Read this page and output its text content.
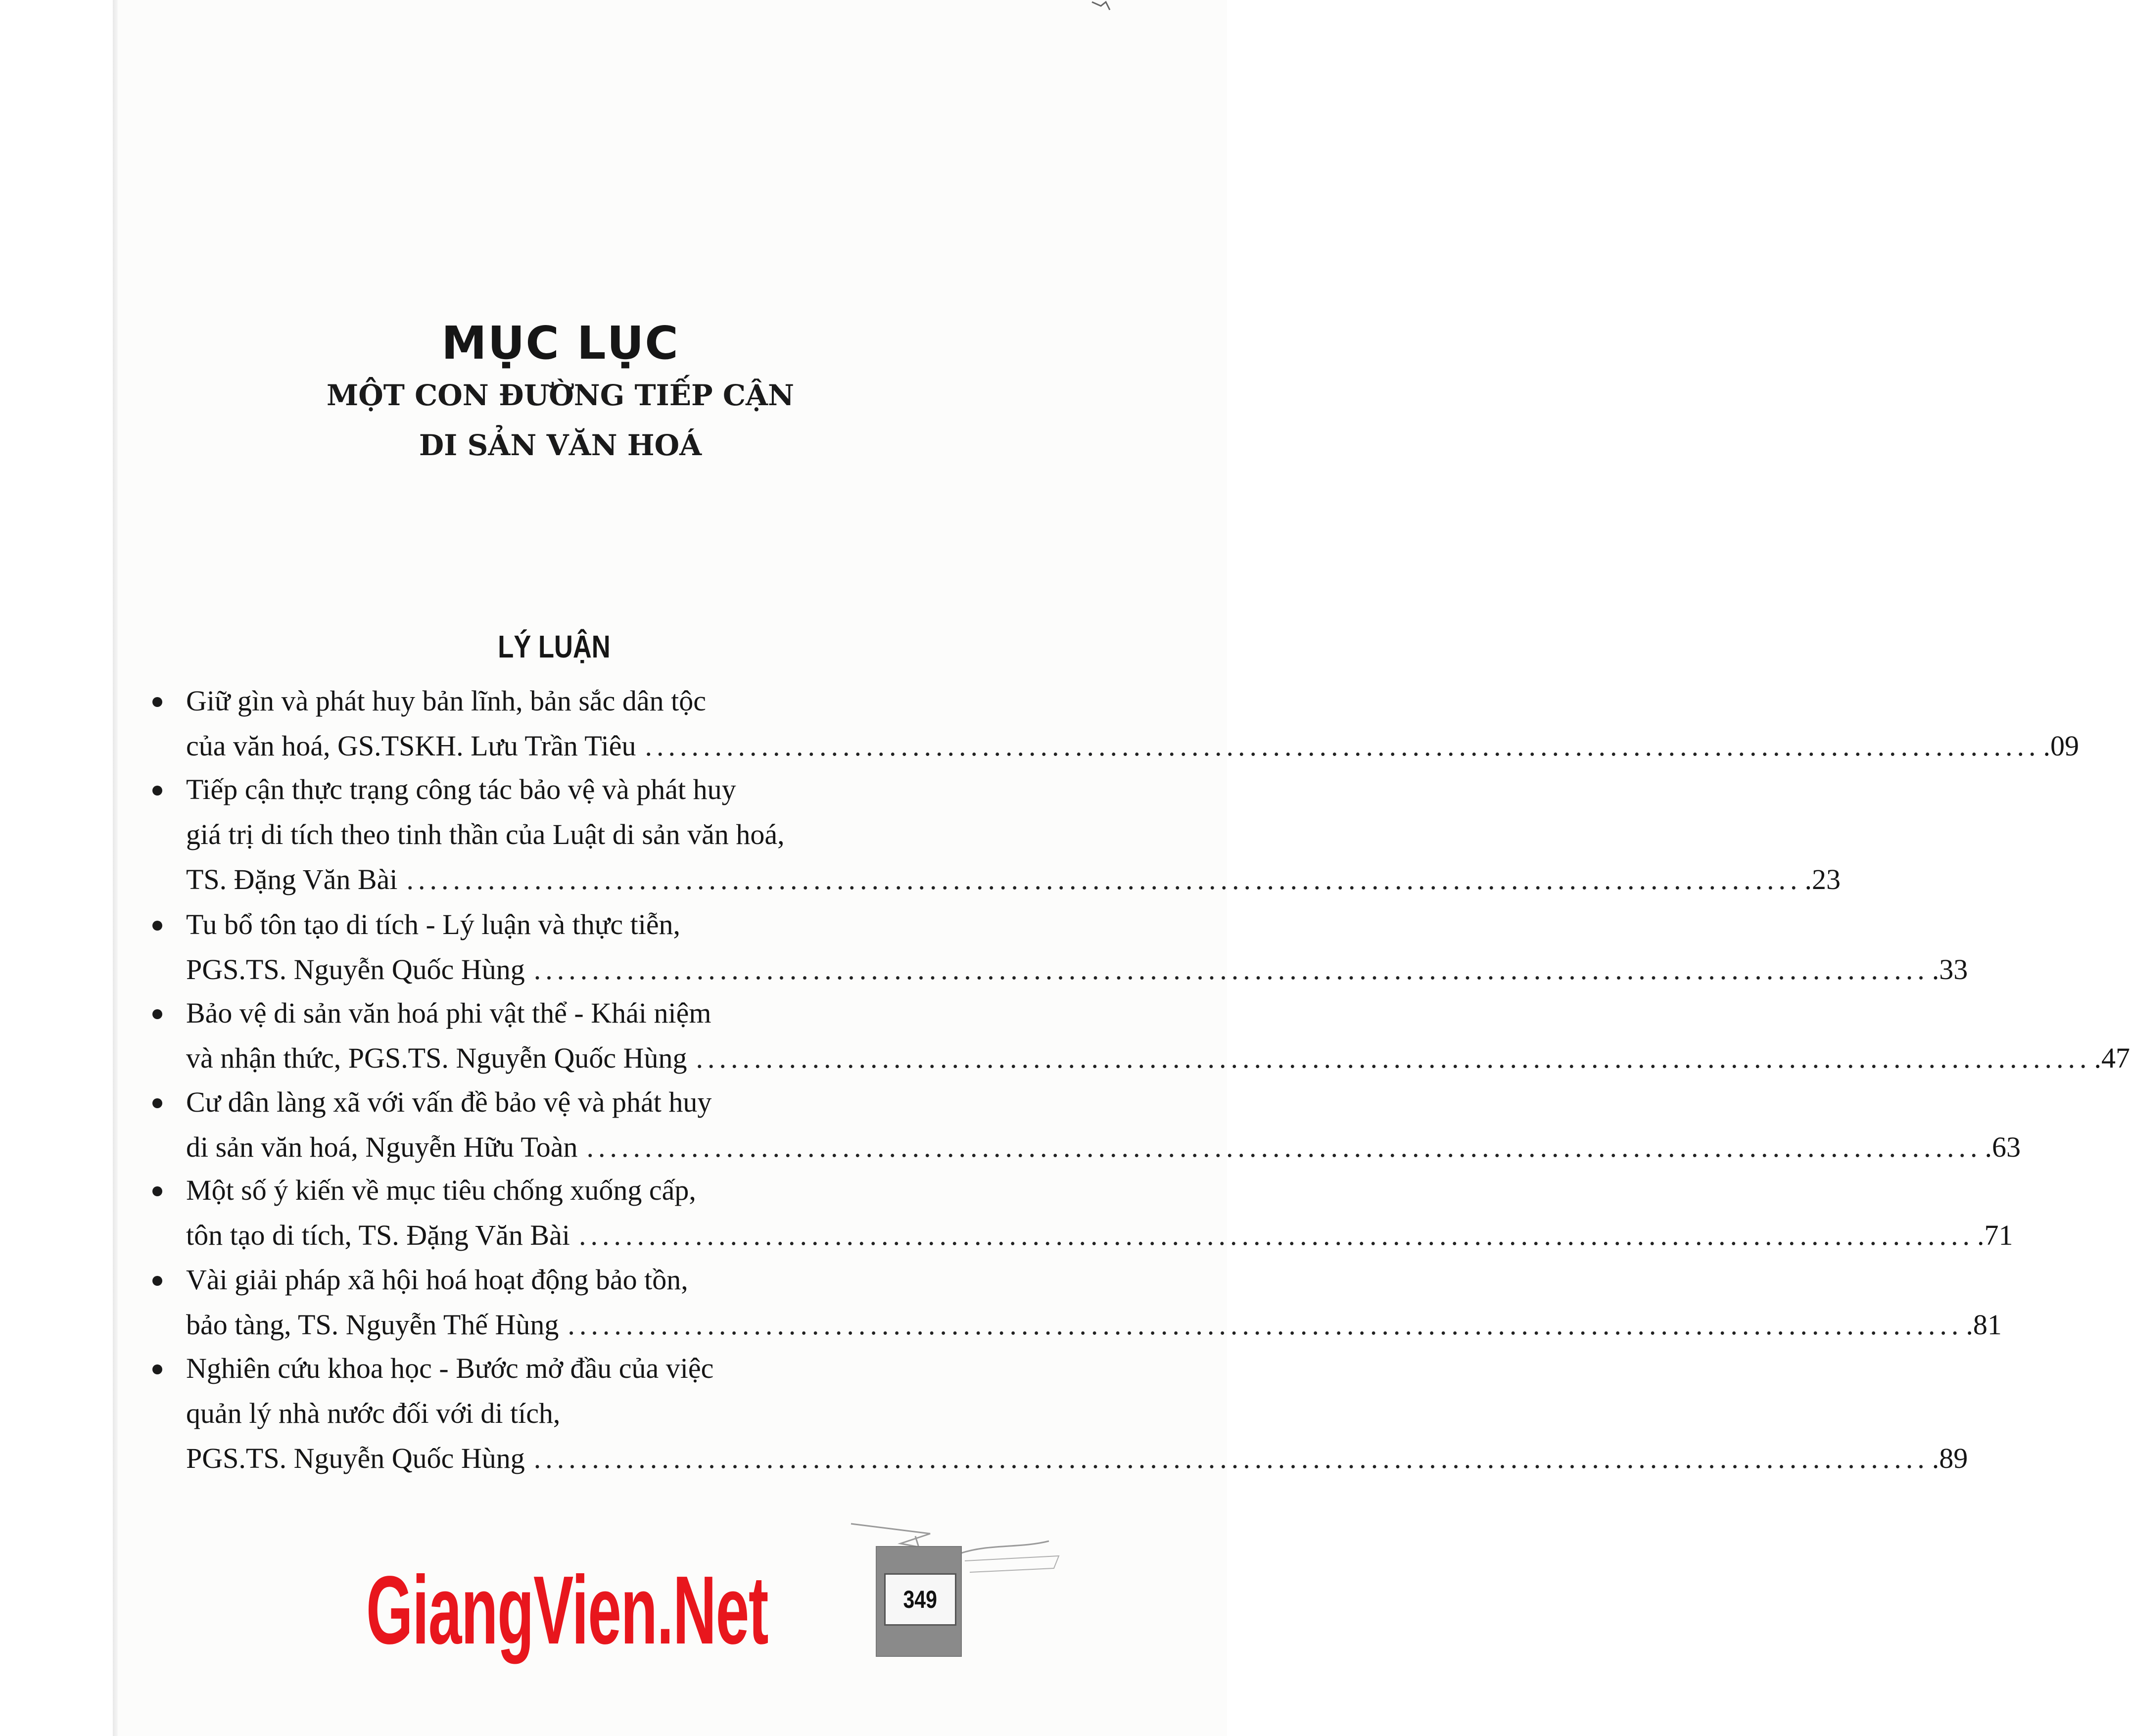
MỤC LỤC
MỘT CON ĐƯỜNG TIẾP CẬN
DI SẢN VĂN HOÁ
LÝ LUẬN
Giữ gìn và phát huy bản lĩnh, bản sắc dân tộc
của văn hoá, GS.TSKH. Lưu Trần Tiêu ........................................................................................................................ .09
Tiếp cận thực trạng công tác bảo vệ và phát huy
giá trị di tích theo tinh thần của Luật di sản văn hoá,
TS. Đặng Văn Bài ........................................................................................................................ .23
Tu bổ tôn tạo di tích - Lý luận và thực tiễn,
PGS.TS. Nguyễn Quốc Hùng ........................................................................................................................ .33
Bảo vệ di sản văn hoá phi vật thể - Khái niệm
và nhận thức, PGS.TS. Nguyễn Quốc Hùng ........................................................................................................................ .47
Cư dân làng xã với vấn đề bảo vệ và phát huy
di sản văn hoá, Nguyễn Hữu Toàn ........................................................................................................................ .63
Một số ý kiến về mục tiêu chống xuống cấp,
tôn tạo di tích, TS. Đặng Văn Bài ........................................................................................................................ .71
Vài giải pháp xã hội hoá hoạt động bảo tồn,
bảo tàng, TS. Nguyễn Thế Hùng ........................................................................................................................ .81
Nghiên cứu khoa học - Bước mở đầu của việc
quản lý nhà nước đối với di tích,
PGS.TS. Nguyễn Quốc Hùng ........................................................................................................................ .89
349
GiangVien.Net
